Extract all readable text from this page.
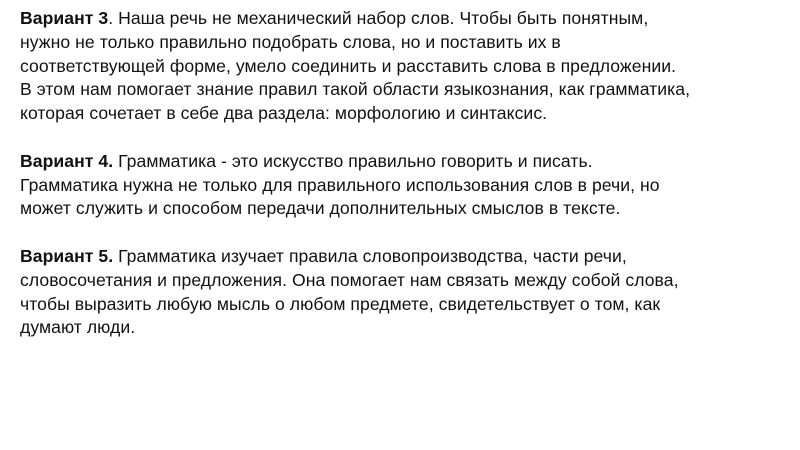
Вариант 3. Наша речь не механический набор слов. Чтобы быть понятным,
нужно не только правильно подобрать слова, но и поставить их в
соответствующей форме, умело соединить и расставить слова в предложении.
В этом нам помогает знание правил такой области языкознания, как грамматика,
которая сочетает в себе два раздела: морфологию и синтаксис.

Вариант 4. Грамматика - это искусство правильно говорить и писать.
Грамматика нужна не только для правильного использования слов в речи, но
может служить и способом передачи дополнительных смыслов в тексте.

Вариант 5. Грамматика изучает правила словопроизводства, части речи,
словосочетания и предложения. Она помогает нам связать между собой слова,
чтобы выразить любую мысль о любом предмете, свидетельствует о том, как
думают люди.
